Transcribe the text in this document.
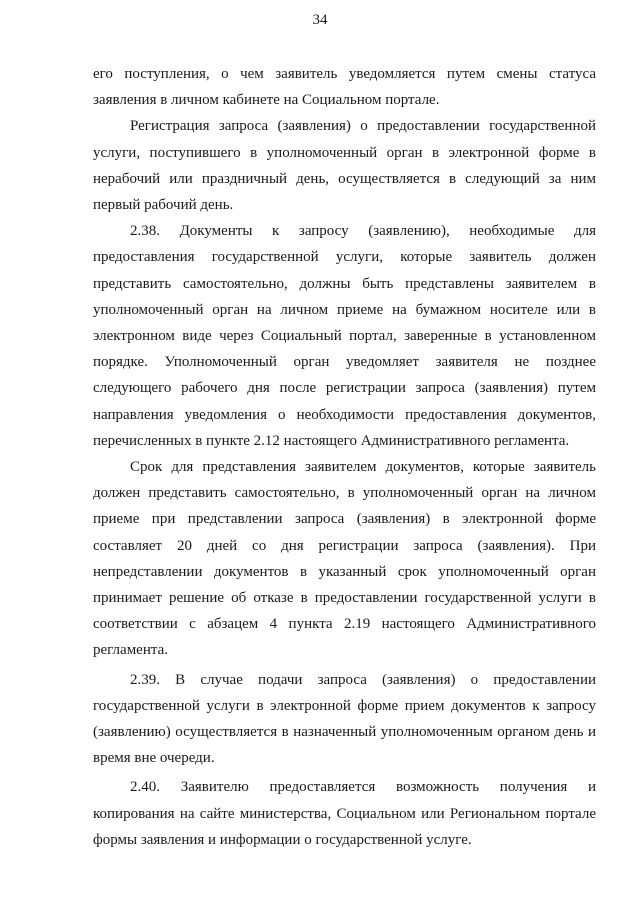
34

его поступления, о чем заявитель уведомляется путем смены статуса заявления в личном кабинете на Социальном портале.

Регистрация запроса (заявления) о предоставлении государственной услуги, поступившего в уполномоченный орган в электронной форме в нерабочий или праздничный день, осуществляется в следующий за ним первый рабочий день.

2.38. Документы к запросу (заявлению), необходимые для предоставления государственной услуги, которые заявитель должен представить самостоятельно, должны быть представлены заявителем в уполномоченный орган на личном приеме на бумажном носителе или в электронном виде через Социальный портал, заверенные в установленном порядке. Уполномоченный орган уведомляет заявителя не позднее следующего рабочего дня после регистрации запроса (заявления) путем направления уведомления о необходимости предоставления документов, перечисленных в пункте 2.12 настоящего Административного регламента.

Срок для представления заявителем документов, которые заявитель должен представить самостоятельно, в уполномоченный орган на личном приеме при представлении запроса (заявления) в электронной форме составляет 20 дней со дня регистрации запроса (заявления). При непредставлении документов в указанный срок уполномоченный орган принимает решение об отказе в предоставлении государственной услуги в соответствии с абзацем 4 пункта 2.19 настоящего Административного регламента.

2.39. В случае подачи запроса (заявления) о предоставлении государственной услуги в электронной форме прием документов к запросу (заявлению) осуществляется в назначенный уполномоченным органом день и время вне очереди.

2.40. Заявителю предоставляется возможность получения и копирования на сайте министерства, Социальном или Региональном портале формы заявления и информации о государственной услуге.
